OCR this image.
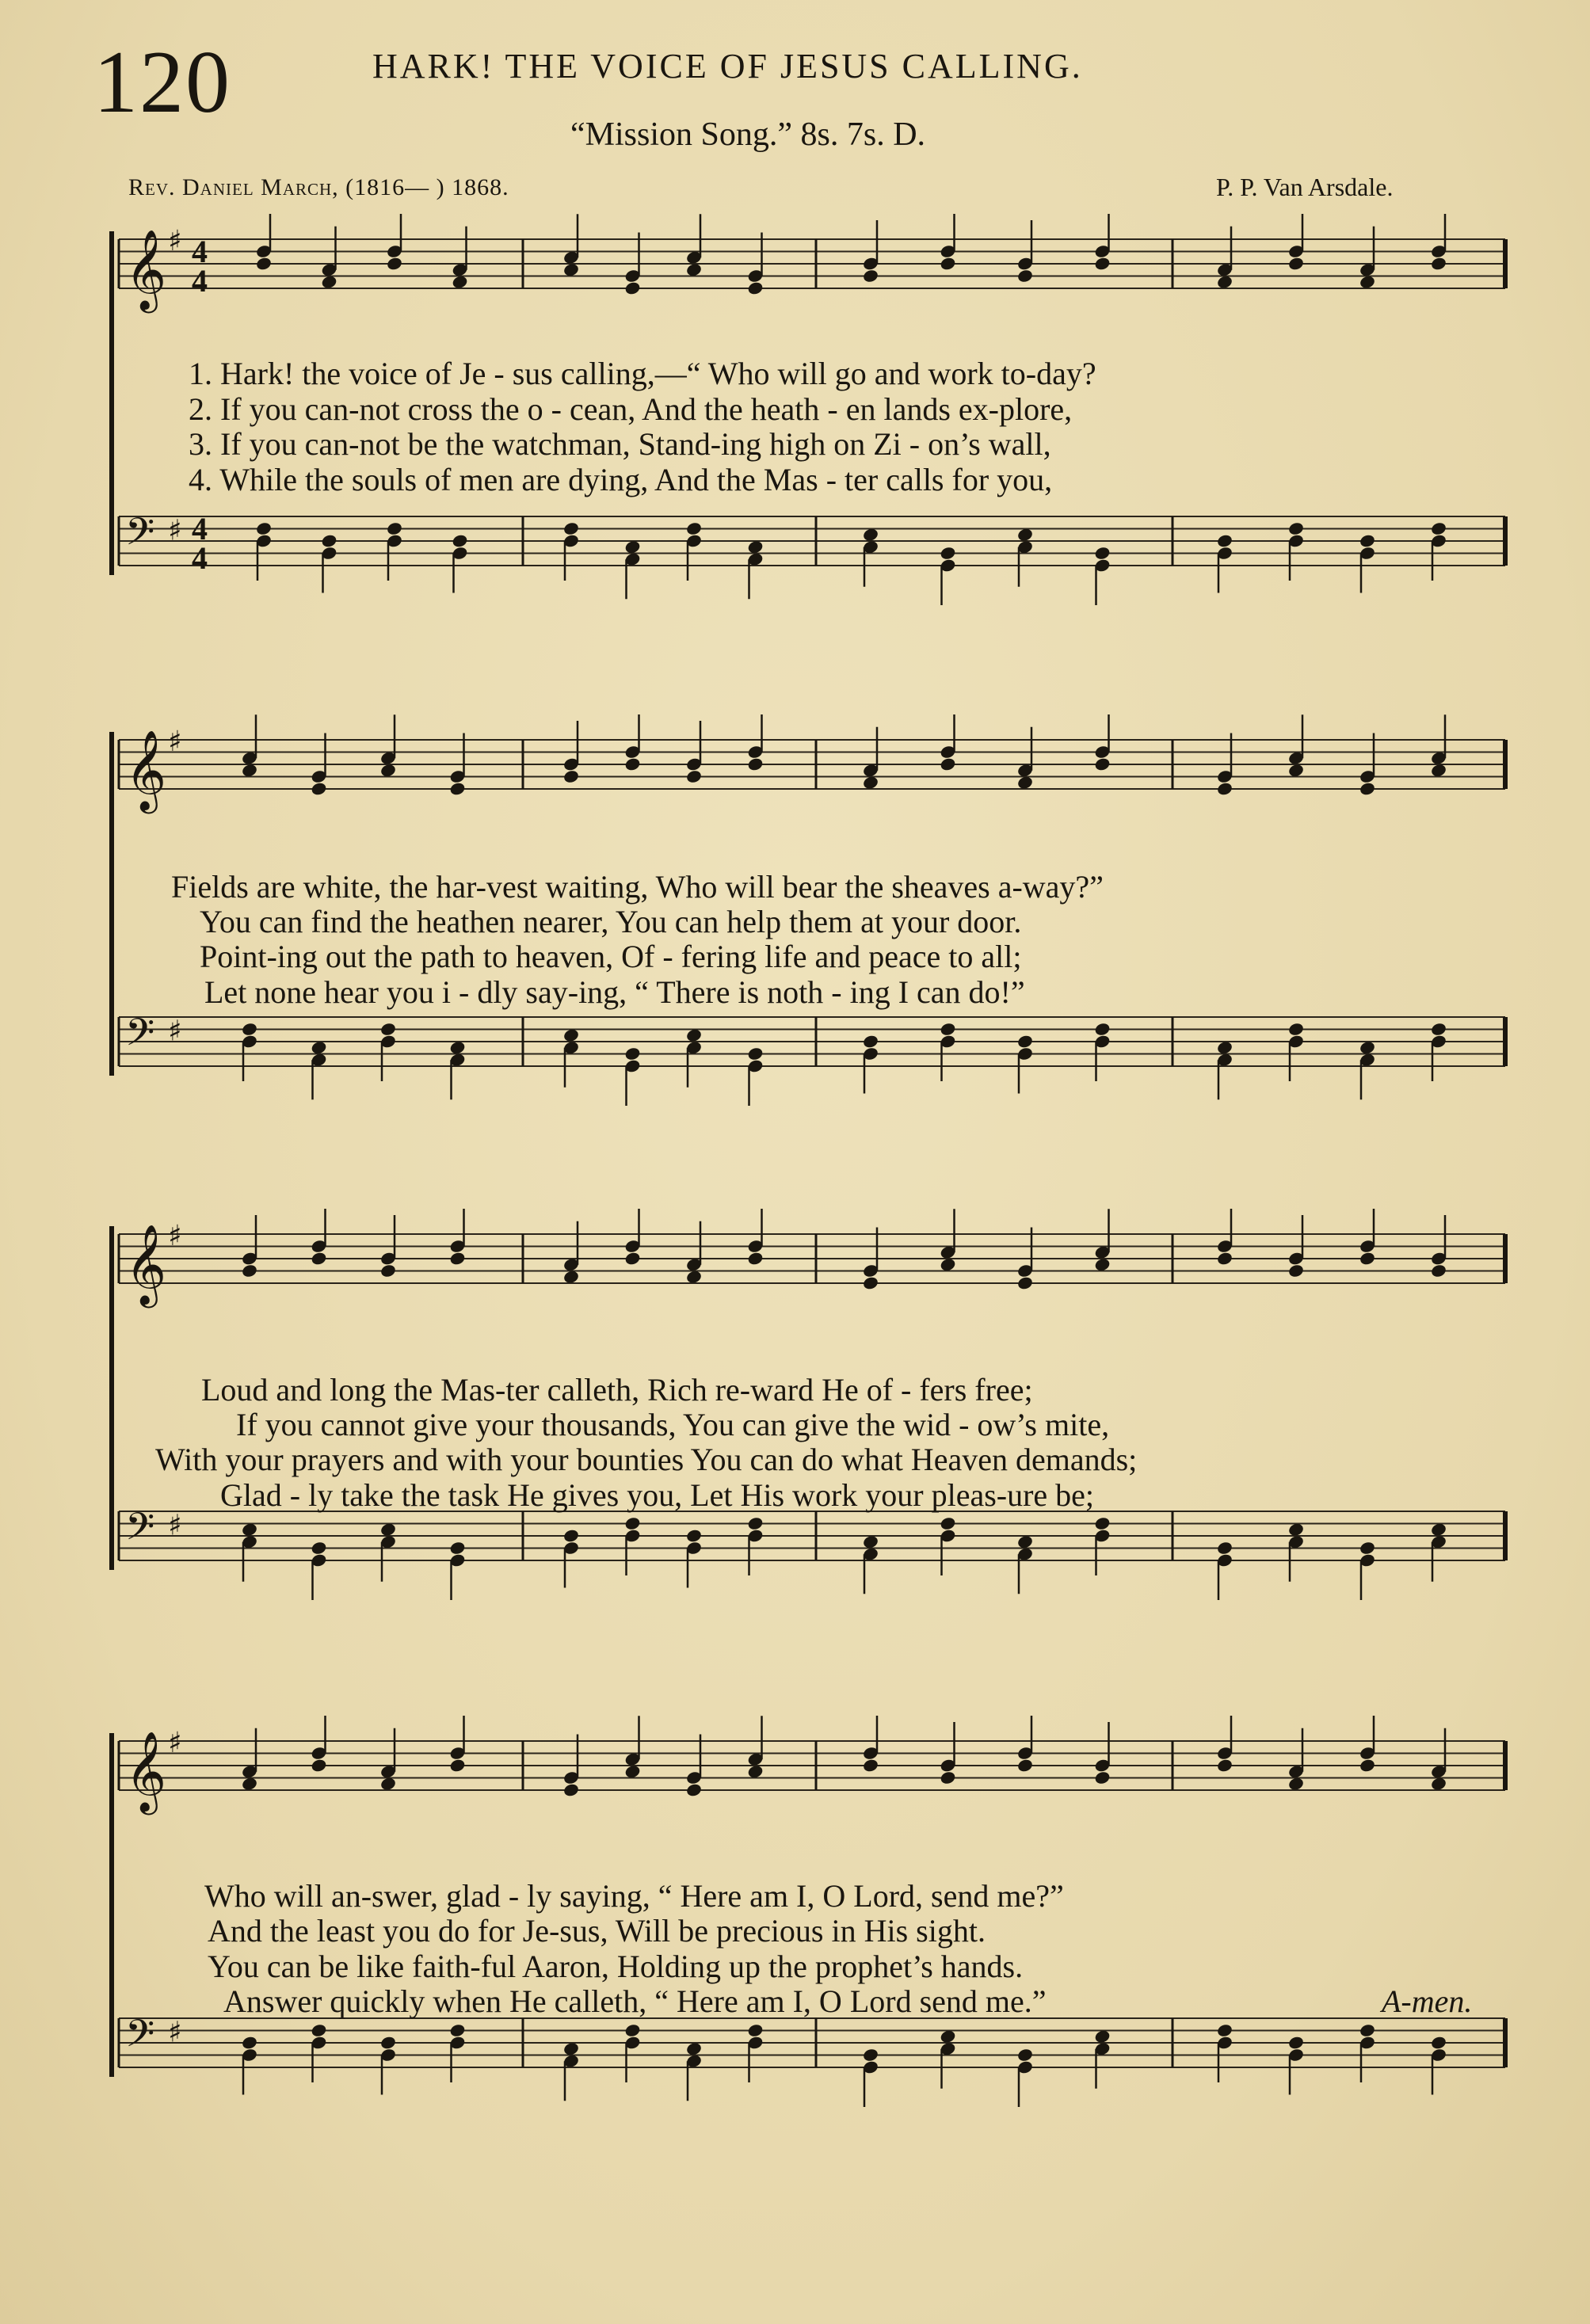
120	HARK! THE VOICE OF JESUS CALLING.
“Mission Song.” 8s. 7s. D.
Rev. Daniel March, (1816— ) 1868.	P. P. Van Arsdale.
𝄞 ♯ 4
4
𝄢 ♯ 4
4
1. Hark! the voice of Je - sus calling,—“ Who will go and work to-day?
2. If you can-not cross the o - cean, And the heath - en lands ex-plore,
3. If you can-not be the watchman, Stand-ing high on Zi - on’s wall,
4. While the souls of men are dying, And the Mas - ter calls for you,
𝄞 ♯
𝄢 ♯
Fields are white, the har-vest waiting, Who will bear the sheaves a-way?”
You can find the heathen nearer, You can help them at your door.
Point-ing out the path to heaven, Of - fering life and peace to all;
Let none hear you i - dly say-ing, “ There is noth - ing I can do!”
𝄞 ♯
𝄢 ♯
Loud and long the Mas-ter calleth, Rich re-ward He of - fers free;
If you cannot give your thousands, You can give the wid - ow’s mite,
With your prayers and with your bounties You can do what Heaven demands;
Glad - ly take the task He gives you, Let His work your pleas-ure be;
𝄞 ♯
𝄢 ♯
Who will an-swer, glad - ly saying, “ Here am I, O Lord, send me?”
And the least you do for Je-sus, Will be precious in His sight.
You can be like faith-ful Aaron, Holding up the prophet’s hands.
Answer quickly when He calleth, “ Here am I, O Lord send me.”	A-men.
